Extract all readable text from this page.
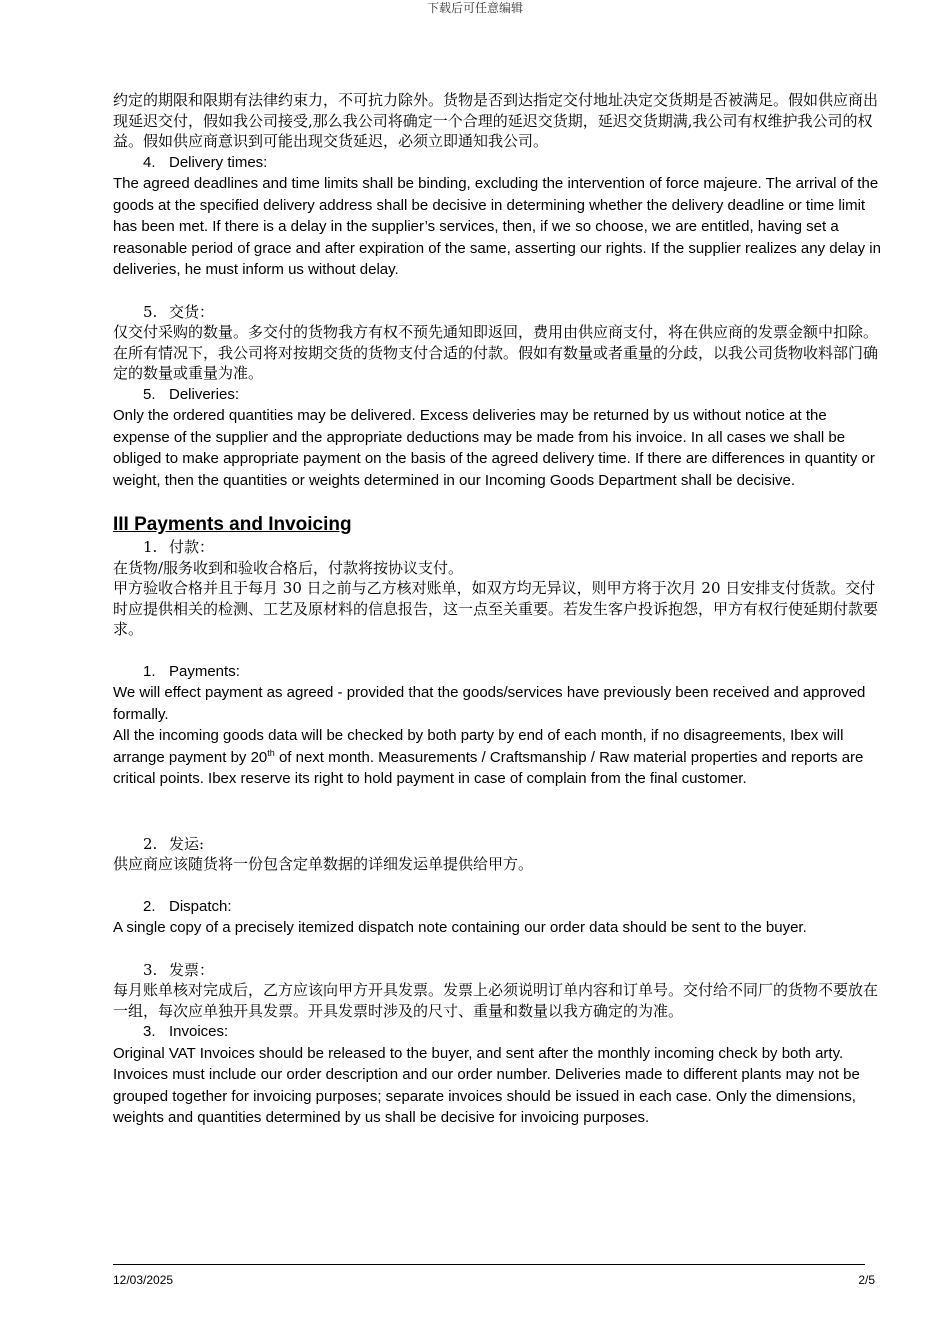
下载后可任意编辑

约定的期限和限期有法律约束力，不可抗力除外。货物是否到达指定交付地址决定交货期是否被满足。假如供应商出现延迟交付，假如我公司接受,那么我公司将确定一个合理的延迟交货期，延迟交货期满,我公司有权维护我公司的权益。假如供应商意识到可能出现交货延迟，必须立即通知我公司。

4. Delivery times:

The agreed deadlines and time limits shall be binding, excluding the intervention of force majeure. The arrival of the goods at the specified delivery address shall be decisive in determining whether the delivery deadline or time limit has been met. If there is a delay in the supplier’s services, then, if we so choose, we are entitled, having set a reasonable period of grace and after expiration of the same, asserting our rights. If the supplier realizes any delay in deliveries, he must inform us without delay.

5. 交货：

仅交付采购的数量。多交付的货物我方有权不预先通知即返回，费用由供应商支付，将在供应商的发票金额中扣除。在所有情况下，我公司将对按期交货的货物支付合适的付款。假如有数量或者重量的分歧，以我公司货物收料部门确定的数量或重量为准。

5. Deliveries:

Only the ordered quantities may be delivered. Excess deliveries may be returned by us without notice at the expense of the supplier and the appropriate deductions may be made from his invoice. In all cases we shall be obliged to make appropriate payment on the basis of the agreed delivery time. If there are differences in quantity or weight, then the quantities or weights determined in our Incoming Goods Department shall be decisive.

III Payments and Invoicing

1. 付款：

在货物/服务收到和验收合格后，付款将按协议支付。

甲方验收合格并且于每月 30 日之前与乙方核对账单，如双方均无异议，则甲方将于次月 20 日安排支付货款。交付时应提供相关的检测、工艺及原材料的信息报告，这一点至关重要。若发生客户投诉抱怨，甲方有权行使延期付款要求。

1. Payments:

We will effect payment as agreed - provided that the goods/services have previously been received and approved formally.

All the incoming goods data will be checked by both party by end of each month, if no disagreements, Ibex will arrange payment by 20th of next month. Measurements / Craftsmanship / Raw material properties and reports are critical points. Ibex reserve its right to hold payment in case of complain from the final customer.

2. 发运:

供应商应该随货将一份包含定单数据的详细发运单提供给甲方。

2. Dispatch:

A single copy of a precisely itemized dispatch note containing our order data should be sent to the buyer.

3. 发票：

每月账单核对完成后，乙方应该向甲方开具发票。发票上必须说明订单内容和订单号。交付给不同厂的货物不要放在一组，每次应单独开具发票。开具发票时涉及的尺寸、重量和数量以我方确定的为准。

3. Invoices:

Original VAT Invoices should be released to the buyer, and sent after the monthly incoming check by both arty. Invoices must include our order description and our order number. Deliveries made to different plants may not be grouped together for invoicing purposes; separate invoices should be issued in each case. Only the dimensions, weights and quantities determined by us shall be decisive for invoicing purposes.

12/03/2025	2/5
